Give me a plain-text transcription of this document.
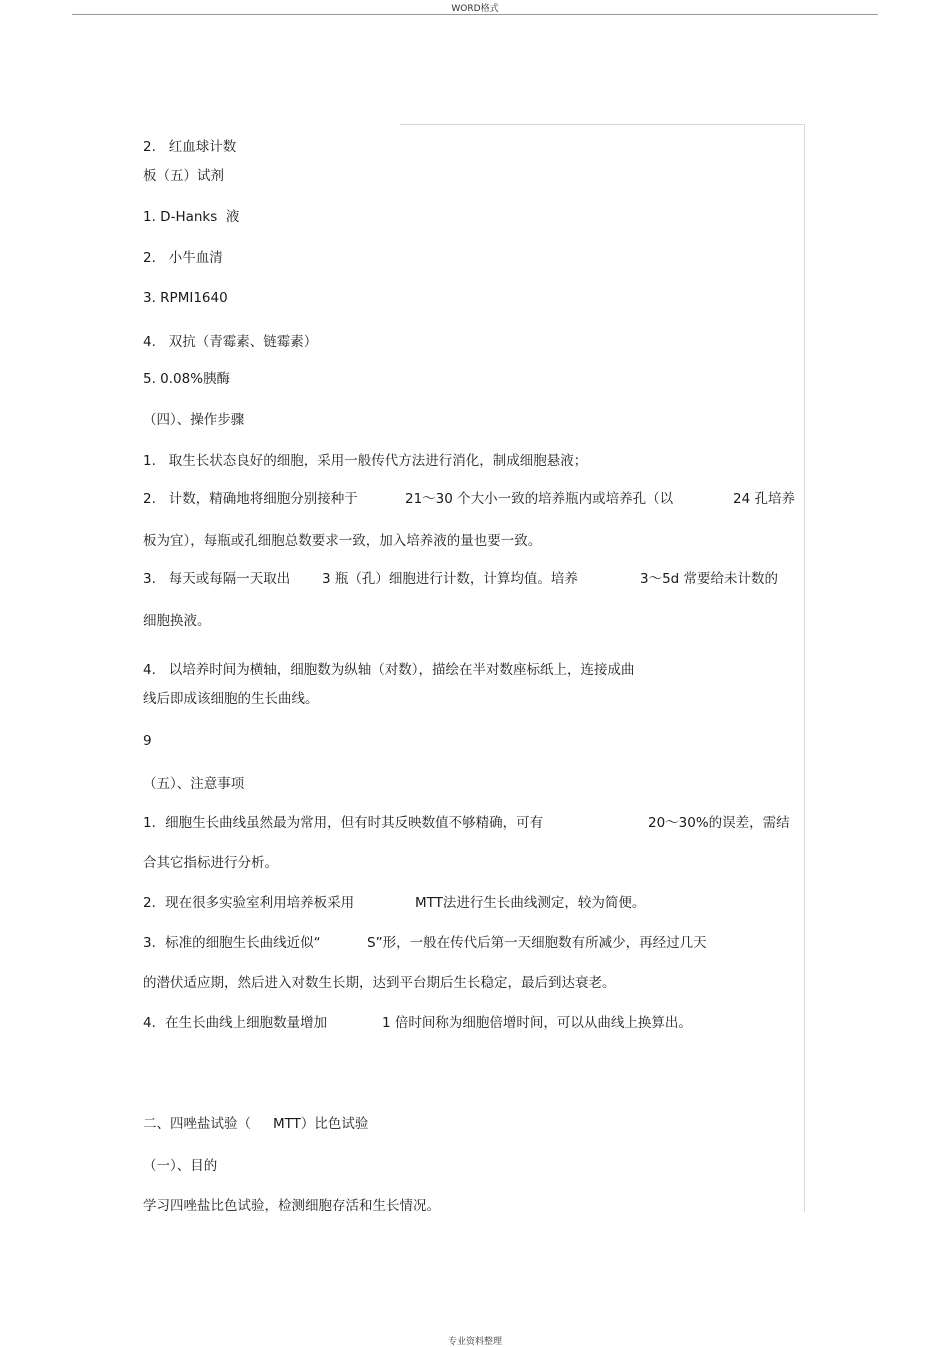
WORD格式
2.   红血球计数
板（五）试剂
1. D-Hanks  液
2.   小牛血清
3. RPMI1640
4.   双抗（青霉素、链霉素）
5. 0.08%胰酶
（四）、操作步骤
1.   取生长状态良好的细胞，采用一般传代方法进行消化，制成细胞悬液；
2.   计数，精确地将细胞分别接种于	21～30 个大小一致的培养瓶内或培养孔（以	24 孔培养
板为宜），每瓶或孔细胞总数要求一致，加入培养液的量也要一致。
3.   每天或每隔一天取出 3 瓶（孔）细胞进行计数，计算均值。培养	3～5d 常要给未计数的
细胞换液。
4.   以培养时间为横轴，细胞数为纵轴（对数），描绘在半对数座标纸上，连接成曲
线后即成该细胞的生长曲线。
9
（五）、注意事项
1．细胞生长曲线虽然最为常用，但有时其反映数值不够精确，可有	20～30%的误差，需结
合其它指标进行分析。
2．现在很多实验室利用培养板采用	MTT法进行生长曲线测定，较为简便。
3．标准的细胞生长曲线近似“	S”形，一般在传代后第一天细胞数有所减少，再经过几天
的潜伏适应期，然后进入对数生长期，达到平台期后生长稳定，最后到达衰老。
4．在生长曲线上细胞数量增加	1 倍时间称为细胞倍增时间，可以从曲线上换算出。
二、四唑盐试验（ MTT）比色试验
（一）、目的
学习四唑盐比色试验，检测细胞存活和生长情况。
专业资料整理
